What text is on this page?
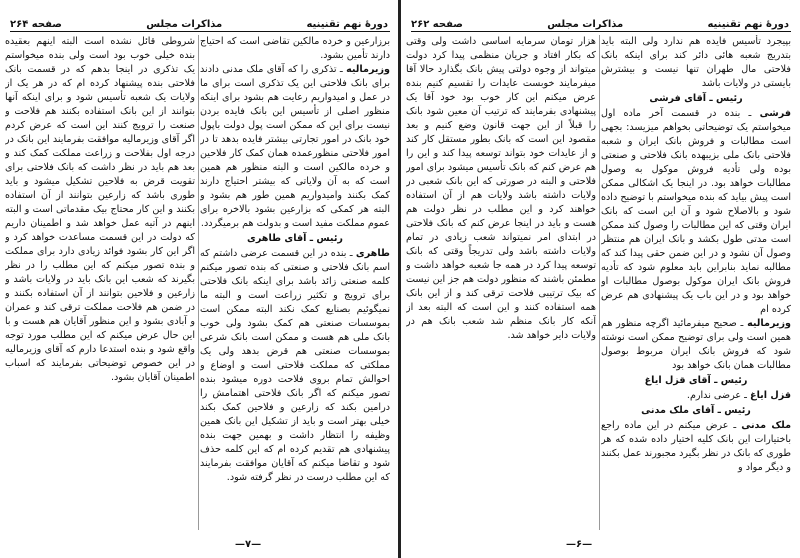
دورهٔ نهم تقنینیه
مذاکرات مجلس
صفحه ۲۶۴

برزارعین و خرده مالکین تقاضی است که احتیاج دارند تأمین بشود.

وزیرمالیه ـ تذکری را که آقای ملک مدنی دادند برای بانک فلاحتی این یک تذکری است برای ما در عمل و امیدواریم رعایت هم بشود برای اینکه منظور اصلی از تأسیس این بانک فایده بردن نیست برای این که ممکن است پول دولت باپول خود بانک در امور تجارتی بیشتر فایده بدهد تا در امور فلاحتی منظورعمده همان کمک کار فلاحین و خرده مالکین است و البته منظور هم همین است که به آن ولایاتی که بیشتر احتیاج دارند کمک بکنند وامیدواریم همین طور هم بشود و البته هر کمکی که بزارعین بشود بالاخره برای عموم مملکت مفید است و بدولت هم برمیگردد.

رئیس ـ آقای طاهری

طاهری ـ بنده در این قسمت عرضی داشتم که اسم بانک فلاحتی و صنعتی که بنده تصور میکنم کلمه صنعتی زائد باشد برای اینکه بانک فلاحتی برای ترویج و تکثیر زراعت است و البته ما نمیگوئیم بصنایع کمک نکند البته ممکن است بموسسات صنعتی هم کمک بشود ولی خوب بانک ملی هم هست و ممکن است بانک شرعی بموسسات صنعتی هم قرض بدهد ولی یک مملکتی که مملکت فلاحتی است و اوضاع و احوالش تمام بروی فلاحت دوره میشود بنده تصور میکنم که اگر بانک فلاحتی اهتمامش را درامین بکند که زارعین و فلاحین کمک بکند خیلی بهتر است و باید از تشکیل این بانک همین وظیفه را انتظار داشت و بهمین جهت بنده پیشنهادی هم تقدیم کرده ام که این کلمه حذف شود و تقاضا میکنم که آقایان موافقت بفرمایند که این مطلب درست در نظر گرفته شود.

شروطی قائل نشده است البته اینهم بعقیده بنده خیلی خوب بود است ولی بنده میخواستم یک تذکری در اینجا بدهم که در قسمت بانک فلاحتی بنده پیشنهاد کرده ام که در هر یک از ولایات یک شعبه تأسیس شود و برای اینکه آنها بتوانند از این بانک استفاده بکنند هم فلاحت و صنعت را ترویج کنند این است که عرض کردم اگر آقای وزیرمالیه موافقت بفرمایند این بانک در درجه اول بفلاحت و زراعت مملکت کمک کند و بعد هم باید در نظر داشت که بانک فلاحتی برای تقویت قرض به فلاحین تشکیل میشود و باید طوری باشد که زارعین بتوانند از آن استفاده بکنند و این کار محتاج بیک مقدماتی است و البته اینهم در آتیه عمل خواهد شد و اطمینان داریم که دولت در این قسمت مساعدت خواهد کرد و اگر این کار بشود فوائد زیادی دارد برای مملکت و بنده تصور میکنم که این مطلب را در نظر بگیرند که شعب این بانک باید در ولایات باشد و زارعین و فلاحین بتوانند از آن استفاده بکنند و در ضمن هم فلاحت مملکت ترقی کند و عمران و آبادی بشود و این منظور آقایان هم هست و با این حال عرض میکنم که این مطلب مورد توجه واقع شود و بنده استدعا دارم که آقای وزیرمالیه در این خصوص توضیحاتی بفرمایند که اسباب اطمینان آقایان بشود.

—۷—
دورهٔ نهم تقنینیه
مذاکرات مجلس
صفحه ۲۶۲

بپیجرد تأسیس فایده هم ندارد ولی البته باید بتدریج شعبه هائی دائر کند برای اینکه بانک فلاحتی مال طهران تنها نیست و بیشترش بایستی در ولایات باشد

رئیس ـ آقای فرشی

فرشی ـ بنده در قسمت آخر ماده اول میخواستم یک توضیحاتی بخواهم میزیسد: بجهی است مطالبات و فروش بانک ایران و شعبه فلاحتی بانک ملی بزیبهده بانک فلاحتی و صنعتی بوده ولی تأدیه فروش موکول به وصول مطالبات خواهد بود. در اینجا یک اشکالی ممکن است پیش بیاید که بنده میخواستم با توضیح داده شود و بالاصلاح شود و آن این است که بانک ایران وقتی که این مطالبات را وصول کند ممکن است مدتی طول بکشد و بانک ایران هم منتظر وصول آن نشود و در این ضمن حقی پیدا کند که مطالبه نماید بنابراین باید معلوم شود که تأدیه فروش بانک ایران موکول بوصول مطالبات او خواهد بود و در این باب یک پیشنهادی هم عرض کرده ام

وزیرمالیه ـ صحیح میفرمائید اگرچه منظور هم همین است ولی برای توضیح ممکن است نوشته شود که فروش بانک ایران مربوط بوصول مطالبات همان بانک خواهد بود

رئیس ـ آقای قزل ایاغ

قزل ایاغ ـ عرضی ندارم.

رئیس ـ آقای ملک مدنی

ملک مدنی ـ عرض میکنم در این ماده راجع باختیارات این بانک کلیه اختیار داده شده که هر طوری که بانک در نظر بگیرد مجبورند عمل بکنند و دیگر مواد و

هزار تومان سرمایه اساسی داشت ولی وقتی که بکار افتاد و جریان منظمی پیدا کرد دولت میتواند از وجوه دولتی پیش بانک بگذارد حالا آقا میفرمایند خوبست عایدات را تقسیم کنیم بنده عرض میکنم این کار خوب بود خود آقا یک پیشنهادی بفرمایند که ترتیب آن معین شود بانک را قبلاً از این جهت قانون وضع کنیم و بعد مقصود این است که بانک بطور مستقل کار کند و از عایدات خود بتواند توسعه پیدا کند و این را هم عرض کنم که بانک تأسیس میشود برای امور فلاحتی و البته در صورتی که این بانک شعبی در ولایات داشته باشد ولایات هم از آن استفاده خواهند کرد و این مطلب در نظر دولت هم هست و باید در اینجا عرض کنم که بانک فلاحتی در ابتدای امر نمیتواند شعب زیادی در تمام ولایات داشته باشد ولی تدریجاً وقتی که بانک توسعه پیدا کرد در همه جا شعبه خواهد داشت و مطمئن باشند که منظور دولت هم جز این نیست که بیک ترتیبی فلاحت ترقی کند و از این بانک همه استفاده کنند و این است که البته بعد از آنکه کار بانک منظم شد شعب بانک هم در ولایات دایر خواهد شد.

—۶—
